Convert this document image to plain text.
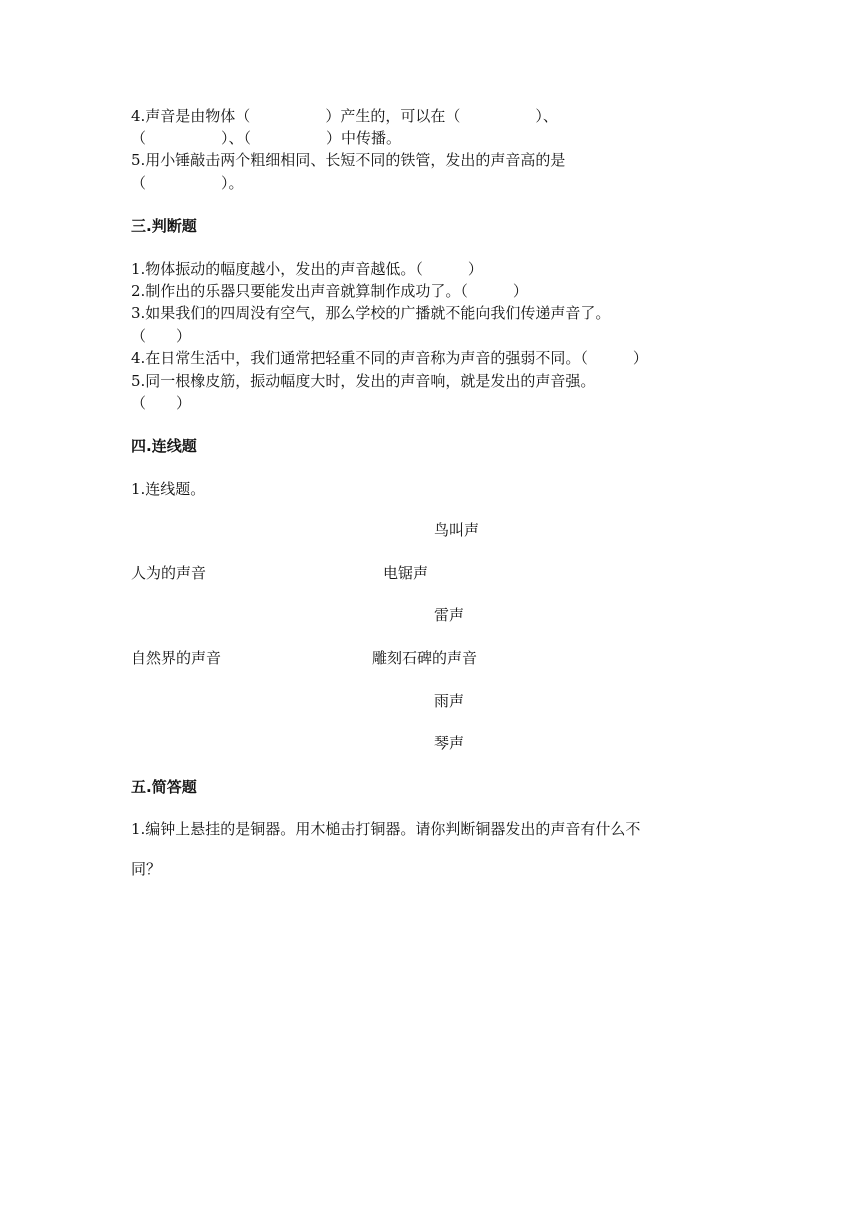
4.声音是由物体（　　　　　）产生的，可以在（　　　　　）、
（　　　　　）、（　　　　　）中传播。
5.用小锤敲击两个粗细相同、长短不同的铁管，发出的声音高的是
（　　　　　）。
三.判断题
1.物体振动的幅度越小，发出的声音越低。（　　　）
2.制作出的乐器只要能发出声音就算制作成功了。（　　　）
3.如果我们的四周没有空气，那么学校的广播就不能向我们传递声音了。
（　　）
4.在日常生活中，我们通常把轻重不同的声音称为声音的强弱不同。（　　　）
5.同一根橡皮筋，振动幅度大时，发出的声音响，就是发出的声音强。
（　　）
四.连线题
1.连线题。
鸟叫声
人为的声音	电锯声
雷声
自然界的声音	雕刻石碑的声音
雨声
琴声
五.简答题
1.编钟上悬挂的是铜器。用木槌击打铜器。请你判断铜器发出的声音有什么不
同？
